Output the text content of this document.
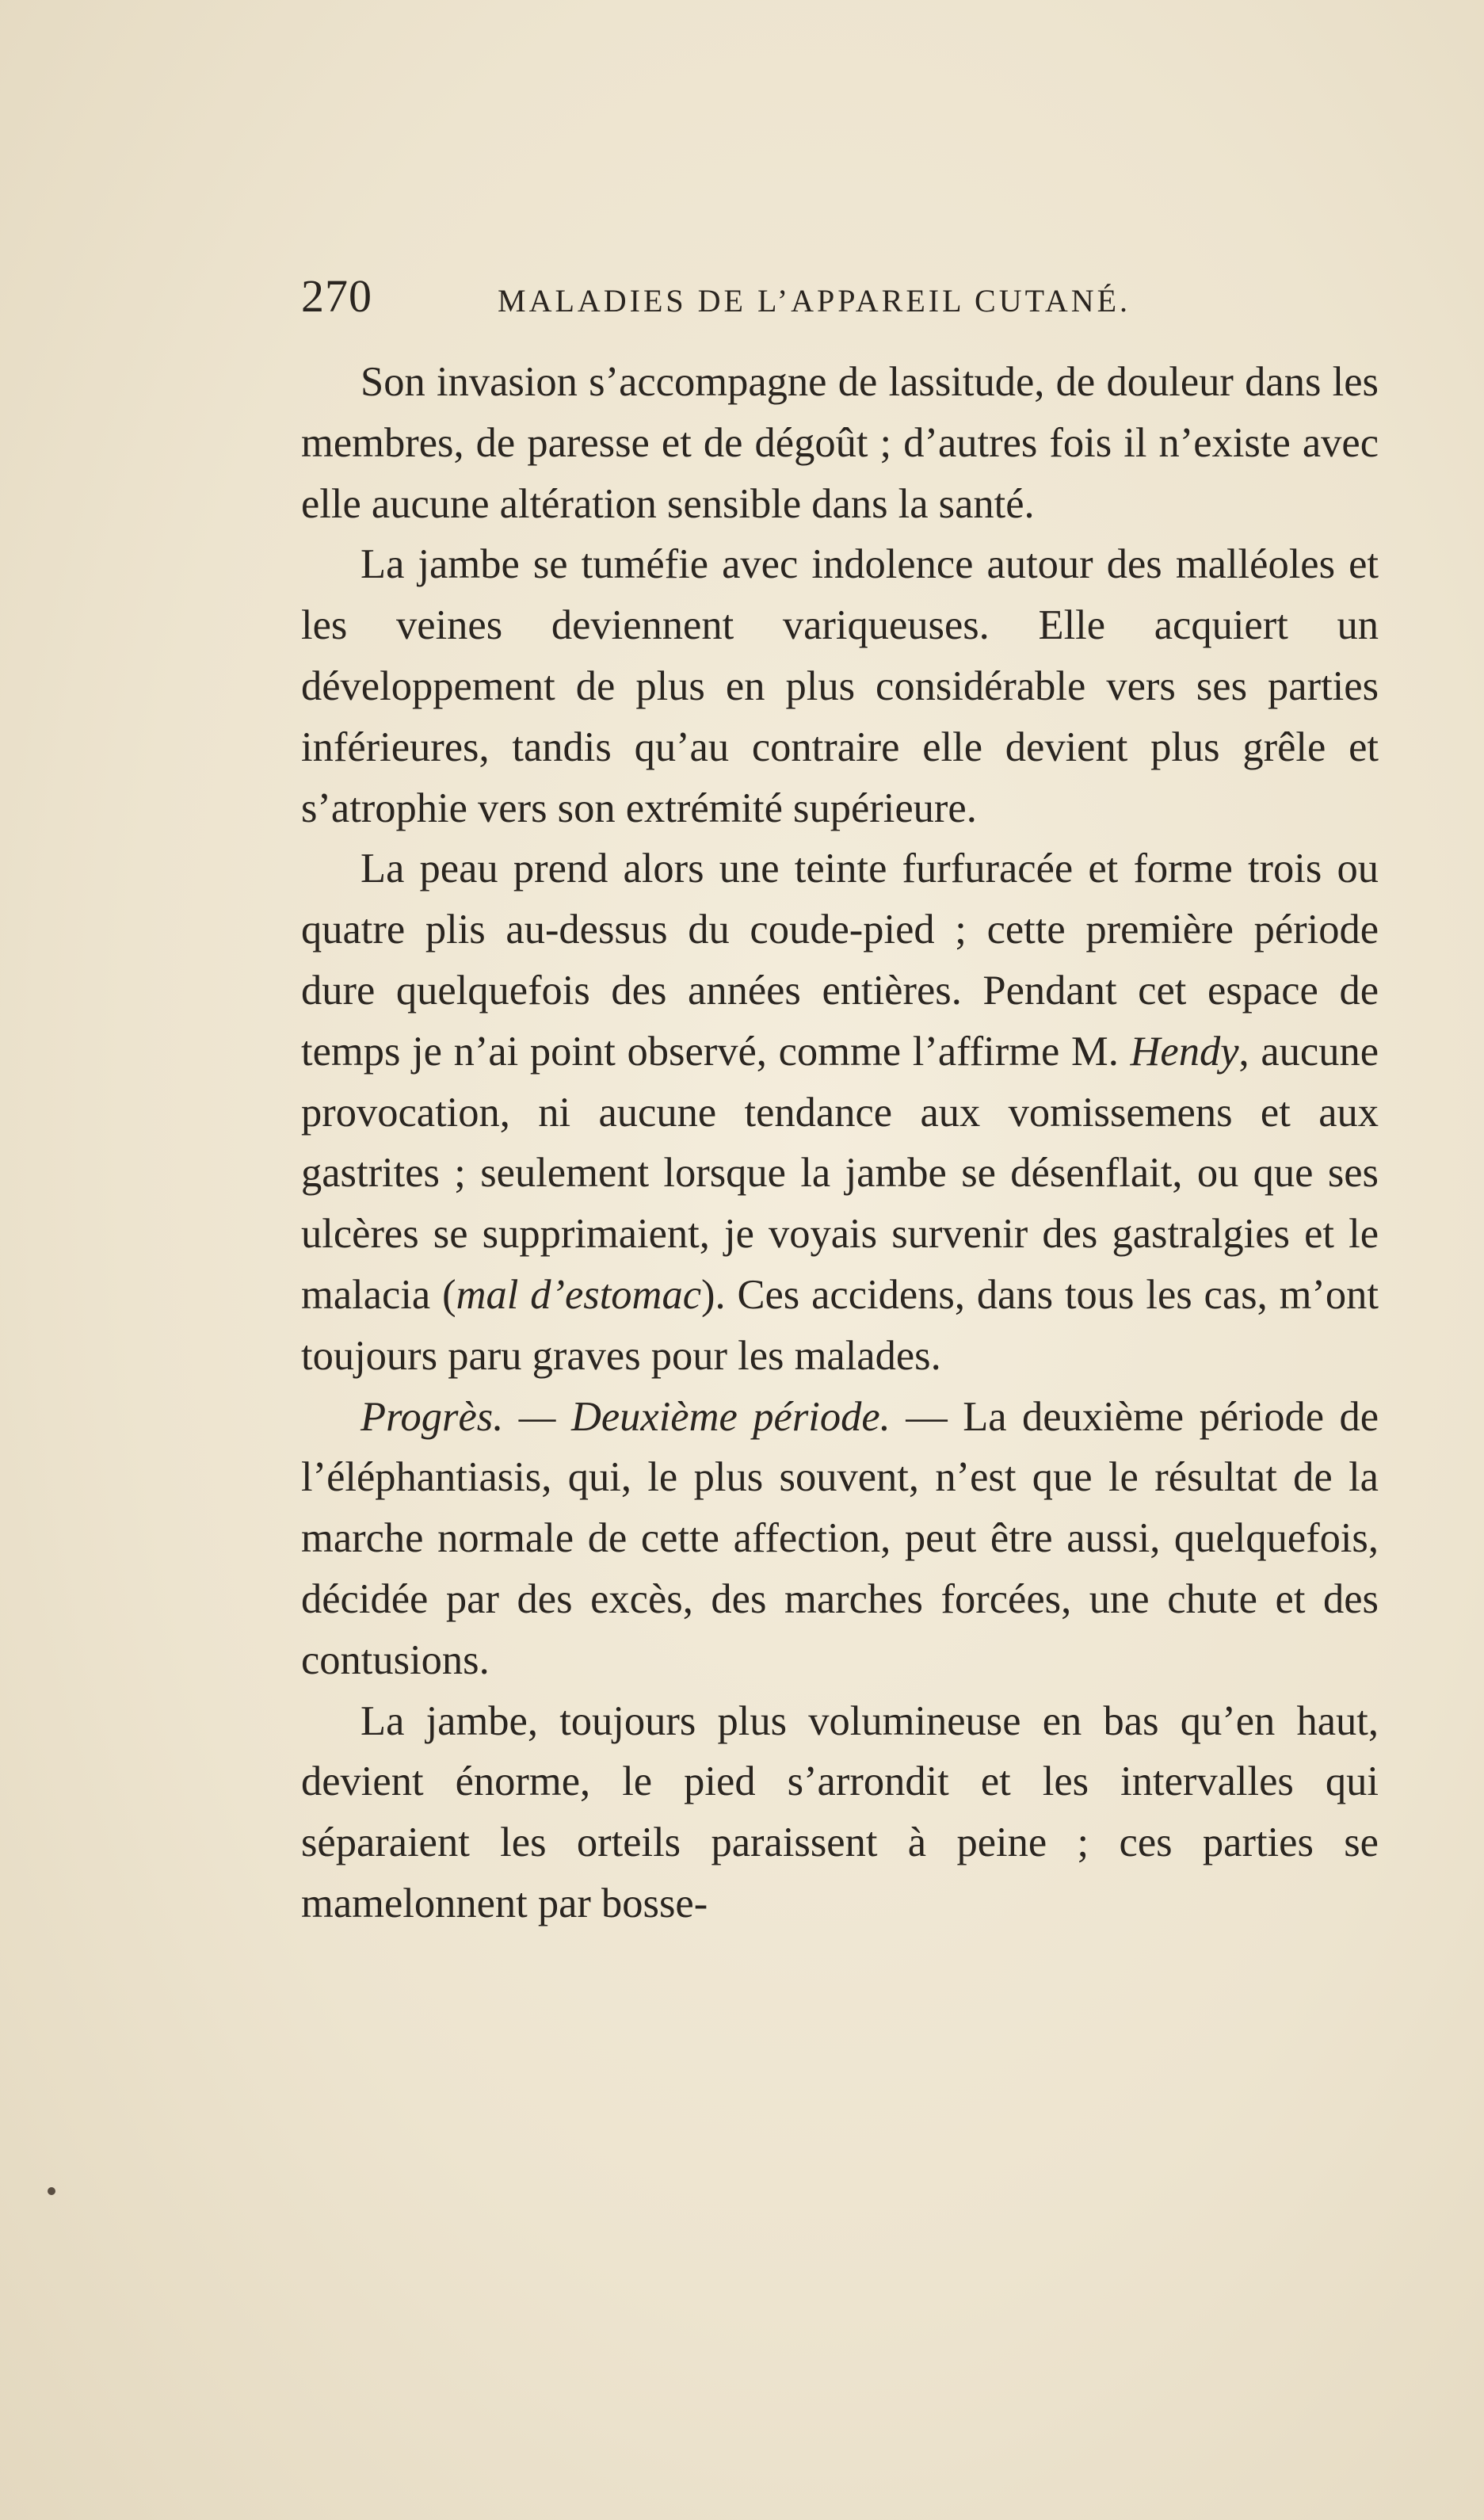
270	MALADIES DE L’APPAREIL CUTANÉ.

Son invasion s’accompagne de lassitude, de douleur dans les membres, de paresse et de dégoût ; d’autres fois il n’existe avec elle aucune altération sensible dans la santé.

La jambe se tuméfie avec indolence autour des malléoles et les veines deviennent variqueuses. Elle acquiert un développement de plus en plus considérable vers ses parties inférieures, tandis qu’au contraire elle devient plus grêle et s’atrophie vers son extrémité supérieure.

La peau prend alors une teinte furfuracée et forme trois ou quatre plis au-dessus du coude-pied ; cette première période dure quelquefois des années entières. Pendant cet espace de temps je n’ai point observé, comme l’affirme M. Hendy, aucune provocation, ni aucune tendance aux vomissemens et aux gastrites ; seulement lorsque la jambe se désenflait, ou que ses ulcères se supprimaient, je voyais survenir des gastralgies et le malacia (mal d’estomac). Ces accidens, dans tous les cas, m’ont toujours paru graves pour les malades.

Progrès. — Deuxième période. — La deuxième période de l’éléphantiasis, qui, le plus souvent, n’est que le résultat de la marche normale de cette affection, peut être aussi, quelquefois, décidée par des excès, des marches forcées, une chute et des contusions.

La jambe, toujours plus volumineuse en bas qu’en haut, devient énorme, le pied s’arrondit et les intervalles qui séparaient les orteils paraissent à peine ; ces parties se mamelonnent par bosse-
